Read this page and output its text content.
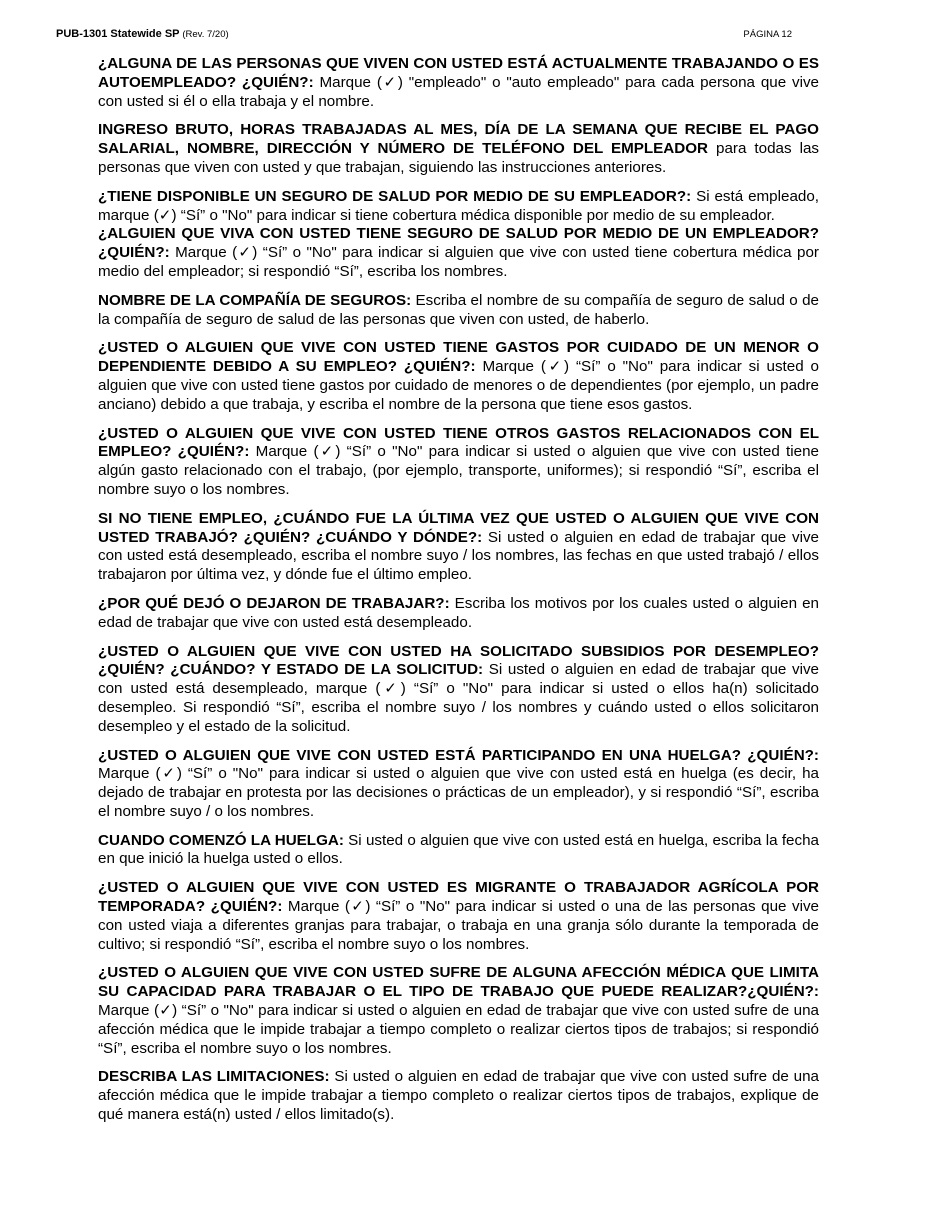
PUB-1301 Statewide SP (Rev. 7/20)	PÁGINA 12

¿ALGUNA DE LAS PERSONAS QUE VIVEN CON USTED ESTÁ ACTUALMENTE TRABAJANDO O ES AUTOEMPLEADO? ¿QUIÉN?: Marque (✓) "empleado" o "auto empleado" para cada persona que vive con usted si él o ella trabaja y el nombre.

INGRESO BRUTO, HORAS TRABAJADAS AL MES, DÍA DE LA SEMANA QUE RECIBE EL PAGO SALARIAL, NOMBRE, DIRECCIÓN Y NÚMERO DE TELÉFONO DEL EMPLEADOR para todas las personas que viven con usted y que trabajan, siguiendo las instrucciones anteriores.

¿TIENE DISPONIBLE UN SEGURO DE SALUD POR MEDIO DE SU EMPLEADOR?: Si está empleado, marque (✓) “Sí” o "No" para indicar si tiene cobertura médica disponible por medio de su empleador.

¿ALGUIEN QUE VIVA CON USTED TIENE SEGURO DE SALUD POR MEDIO DE UN EMPLEADOR? ¿QUIÉN?: Marque (✓) “Sí” o "No" para indicar si alguien que vive con usted tiene cobertura médica por medio del empleador; si respondió “Sí”, escriba los nombres.

NOMBRE DE LA COMPAÑÍA DE SEGUROS: Escriba el nombre de su compañía de seguro de salud o de la compañía de seguro de salud de las personas que viven con usted, de haberlo.

¿USTED O ALGUIEN QUE VIVE CON USTED TIENE GASTOS POR CUIDADO DE UN MENOR O DEPENDIENTE DEBIDO A SU EMPLEO? ¿QUIÉN?: Marque (✓) “Sí” o "No" para indicar si usted o alguien que vive con usted tiene gastos por cuidado de menores o de dependientes (por ejemplo, un padre anciano) debido a que trabaja, y escriba el nombre de la persona que tiene esos gastos.

¿USTED O ALGUIEN QUE VIVE CON USTED TIENE OTROS GASTOS RELACIONADOS CON EL EMPLEO? ¿QUIÉN?: Marque (✓) “Sí” o "No" para indicar si usted o alguien que vive con usted tiene algún gasto relacionado con el trabajo, (por ejemplo, transporte, uniformes); si respondió “Sí”, escriba el nombre suyo o los nombres.

SI NO TIENE EMPLEO, ¿CUÁNDO FUE LA ÚLTIMA VEZ QUE USTED O ALGUIEN QUE VIVE CON USTED TRABAJÓ? ¿QUIÉN? ¿CUÁNDO Y DÓNDE?: Si usted o alguien en edad de trabajar que vive con usted está desempleado, escriba el nombre suyo / los nombres, las fechas en que usted trabajó / ellos trabajaron por última vez, y dónde fue el último empleo.

¿POR QUÉ DEJÓ O DEJARON DE TRABAJAR?: Escriba los motivos por los cuales usted o alguien en edad de trabajar que vive con usted está desempleado.

¿USTED O ALGUIEN QUE VIVE CON USTED HA SOLICITADO SUBSIDIOS POR DESEMPLEO? ¿QUIÉN? ¿CUÁNDO? Y ESTADO DE LA SOLICITUD: Si usted o alguien en edad de trabajar que vive con usted está desempleado, marque (✓) “Sí” o "No" para indicar si usted o ellos ha(n) solicitado desempleo. Si respondió “Sí”, escriba el nombre suyo / los nombres y cuándo usted o ellos solicitaron desempleo y el estado de la solicitud.

¿USTED O ALGUIEN QUE VIVE CON USTED ESTÁ PARTICIPANDO EN UNA HUELGA? ¿QUIÉN?: Marque (✓) “Sí” o "No" para indicar si usted o alguien que vive con usted está en huelga (es decir, ha dejado de trabajar en protesta por las decisiones o prácticas de un empleador), y si respondió “Sí”, escriba el nombre suyo / o los nombres.

CUANDO COMENZÓ LA HUELGA: Si usted o alguien que vive con usted está en huelga, escriba la fecha en que inició la huelga usted o ellos.

¿USTED O ALGUIEN QUE VIVE CON USTED ES MIGRANTE O TRABAJADOR AGRÍCOLA POR TEMPORADA? ¿QUIÉN?: Marque (✓) “Sí” o "No" para indicar si usted o una de las personas que vive con usted viaja a diferentes granjas para trabajar, o trabaja en una granja sólo durante la temporada de cultivo; si respondió “Sí”, escriba el nombre suyo o los nombres.

¿USTED O ALGUIEN QUE VIVE CON USTED SUFRE DE ALGUNA AFECCIÓN MÉDICA QUE LIMITA SU CAPACIDAD PARA TRABAJAR O EL TIPO DE TRABAJO QUE PUEDE REALIZAR?¿QUIÉN?: Marque (✓) “Sí” o "No" para indicar si usted o alguien en edad de trabajar que vive con usted sufre de una afección médica que le impide trabajar a tiempo completo o realizar ciertos tipos de trabajos; si respondió “Sí”, escriba el nombre suyo o los nombres.

DESCRIBA LAS LIMITACIONES: Si usted o alguien en edad de trabajar que vive con usted sufre de una afección médica que le impide trabajar a tiempo completo o realizar ciertos tipos de trabajos, explique de qué manera está(n) usted / ellos limitado(s).
